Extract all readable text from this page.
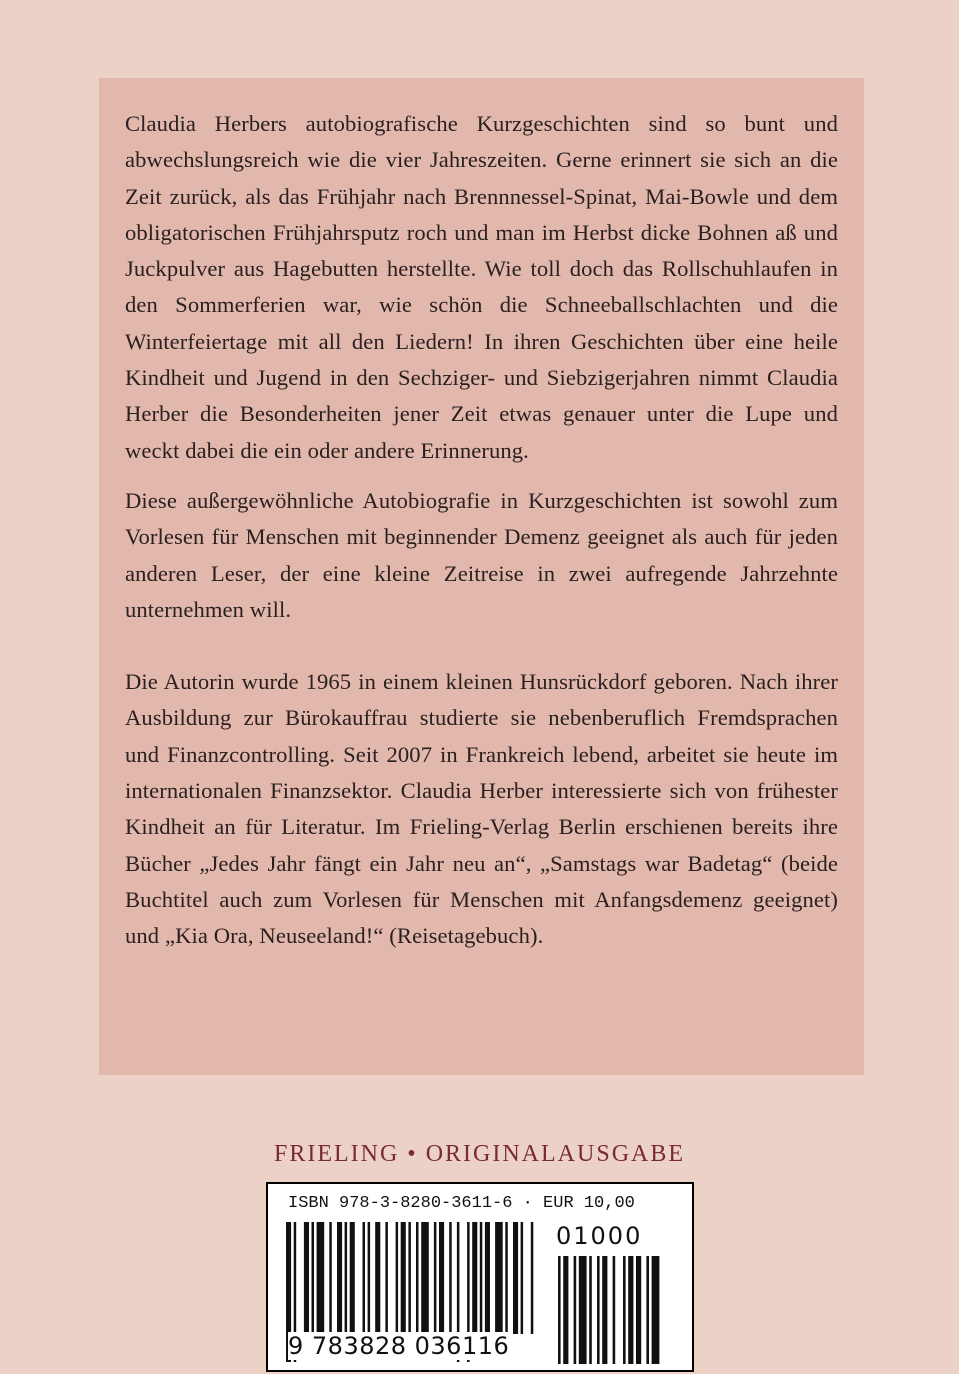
Claudia Herbers autobiografische Kurzgeschichten sind so bunt und abwechslungsreich wie die vier Jahreszeiten. Gerne erinnert sie sich an die Zeit zurück, als das Frühjahr nach Brennnessel-Spinat, Mai-Bowle und dem obligatorischen Frühjahrsputz roch und man im Herbst dicke Bohnen aß und Juckpulver aus Hagebutten herstellte. Wie toll doch das Rollschuhlaufen in den Sommerferien war, wie schön die Schneeballschlachten und die Winterfeiertage mit all den Liedern! In ihren Geschichten über eine heile Kindheit und Jugend in den Sechziger- und Siebzigerjahren nimmt Claudia Herber die Besonderheiten jener Zeit etwas genauer unter die Lupe und weckt dabei die ein oder andere Erinnerung.

Diese außergewöhnliche Autobiografie in Kurzgeschichten ist sowohl zum Vorlesen für Menschen mit beginnender Demenz geeignet als auch für jeden anderen Leser, der eine kleine Zeitreise in zwei aufregende Jahrzehnte unternehmen will.

Die Autorin wurde 1965 in einem kleinen Hunsrückdorf geboren. Nach ihrer Ausbildung zur Bürokauffrau studierte sie nebenberuflich Fremdsprachen und Finanzcontrolling. Seit 2007 in Frankreich lebend, arbeitet sie heute im internationalen Finanzsektor. Claudia Herber interessierte sich von frühester Kindheit an für Literatur. Im Frieling-Verlag Berlin erschienen bereits ihre Bücher „Jedes Jahr fängt ein Jahr neu an“, „Samstags war Badetag“ (beide Buchtitel auch zum Vorlesen für Menschen mit Anfangsdemenz geeignet) und „Kia Ora, Neuseeland!“ (Reisetagebuch).

FRIELING • ORIGINALAUSGABE
ISBN 978-3-8280-3611-6 · EUR 10,00
01000
9 783828 036116
